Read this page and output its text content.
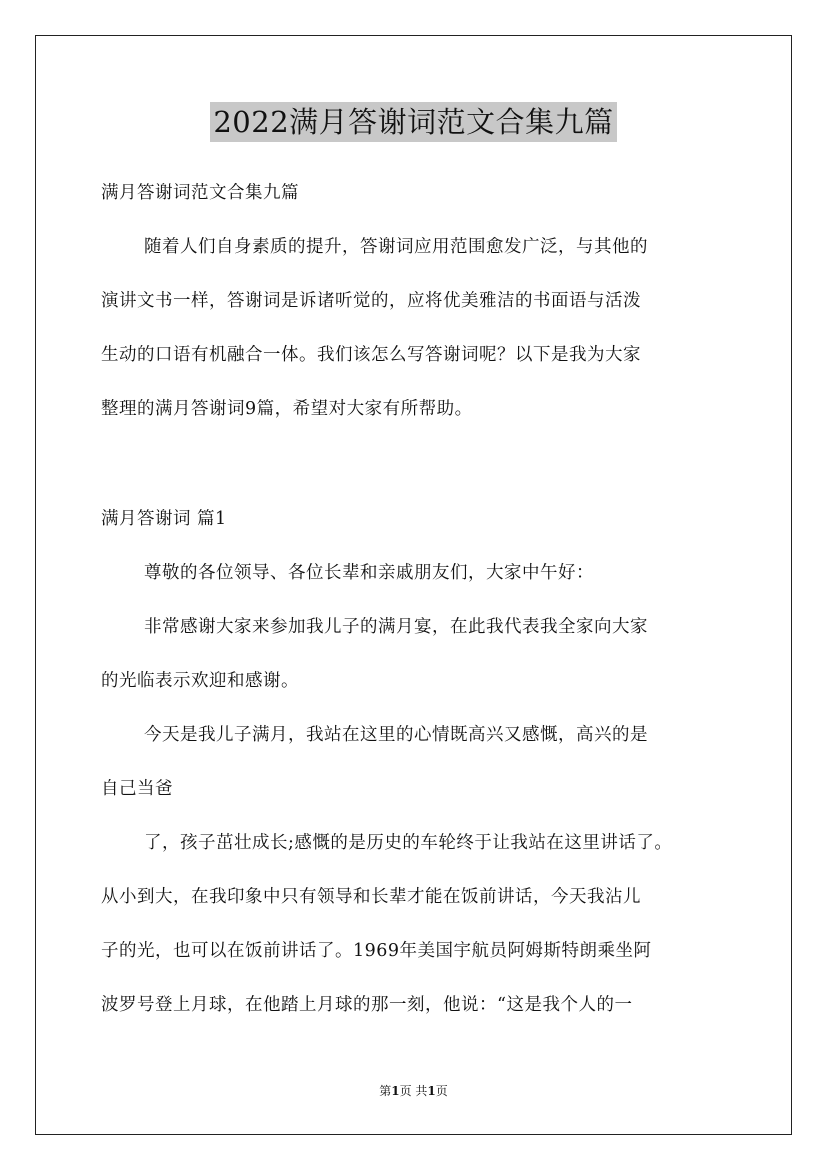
2022满月答谢词范文合集九篇
满月答谢词范文合集九篇
随着人们自身素质的提升，答谢词应用范围愈发广泛，与其他的
演讲文书一样，答谢词是诉诸听觉的，应将优美雅洁的书面语与活泼
生动的口语有机融合一体。我们该怎么写答谢词呢？以下是我为大家
整理的满月答谢词9篇，希望对大家有所帮助。
满月答谢词 篇1
尊敬的各位领导、各位长辈和亲戚朋友们，大家中午好：
非常感谢大家来参加我儿子的满月宴，在此我代表我全家向大家
的光临表示欢迎和感谢。
今天是我儿子满月，我站在这里的心情既高兴又感慨，高兴的是
自己当爸
了，孩子茁壮成长;感慨的是历史的车轮终于让我站在这里讲话了。
从小到大，在我印象中只有领导和长辈才能在饭前讲话，今天我沾儿
子的光，也可以在饭前讲话了。1969年美国宇航员阿姆斯特朗乘坐阿
波罗号登上月球，在他踏上月球的那一刻，他说：“这是我个人的一
第1页 共1页
